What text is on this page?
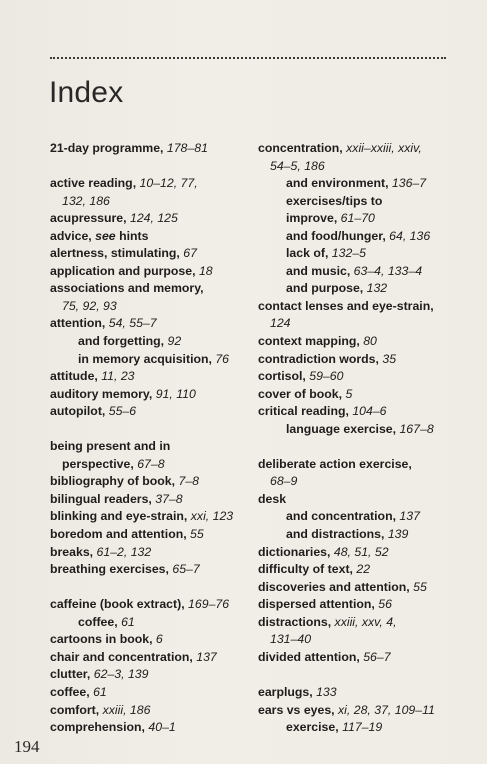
Index
21-day programme, 178–81
active reading, 10–12, 77,
132, 186
acupressure, 124, 125
advice, see hints
alertness, stimulating, 67
application and purpose, 18
associations and memory,
75, 92, 93
attention, 54, 55–7
and forgetting, 92
in memory acquisition, 76
attitude, 11, 23
auditory memory, 91, 110
autopilot, 55–6
being present and in
perspective, 67–8
bibliography of book, 7–8
bilingual readers, 37–8
blinking and eye-strain, xxi, 123
boredom and attention, 55
breaks, 61–2, 132
breathing exercises, 65–7
caffeine (book extract), 169–76
coffee, 61
cartoons in book, 6
chair and concentration, 137
clutter, 62–3, 139
coffee, 61
comfort, xxiii, 186
comprehension, 40–1
concentration, xxii–xxiii, xxiv,
54–5, 186
and environment, 136–7
exercises/tips to
improve, 61–70
and food/hunger, 64, 136
lack of, 132–5
and music, 63–4, 133–4
and purpose, 132
contact lenses and eye-strain,
124
context mapping, 80
contradiction words, 35
cortisol, 59–60
cover of book, 5
critical reading, 104–6
language exercise, 167–8
deliberate action exercise,
68–9
desk
and concentration, 137
and distractions, 139
dictionaries, 48, 51, 52
difficulty of text, 22
discoveries and attention, 55
dispersed attention, 56
distractions, xxiii, xxv, 4,
131–40
divided attention, 56–7
earplugs, 133
ears vs eyes, xi, 28, 37, 109–11
exercise, 117–19
194
